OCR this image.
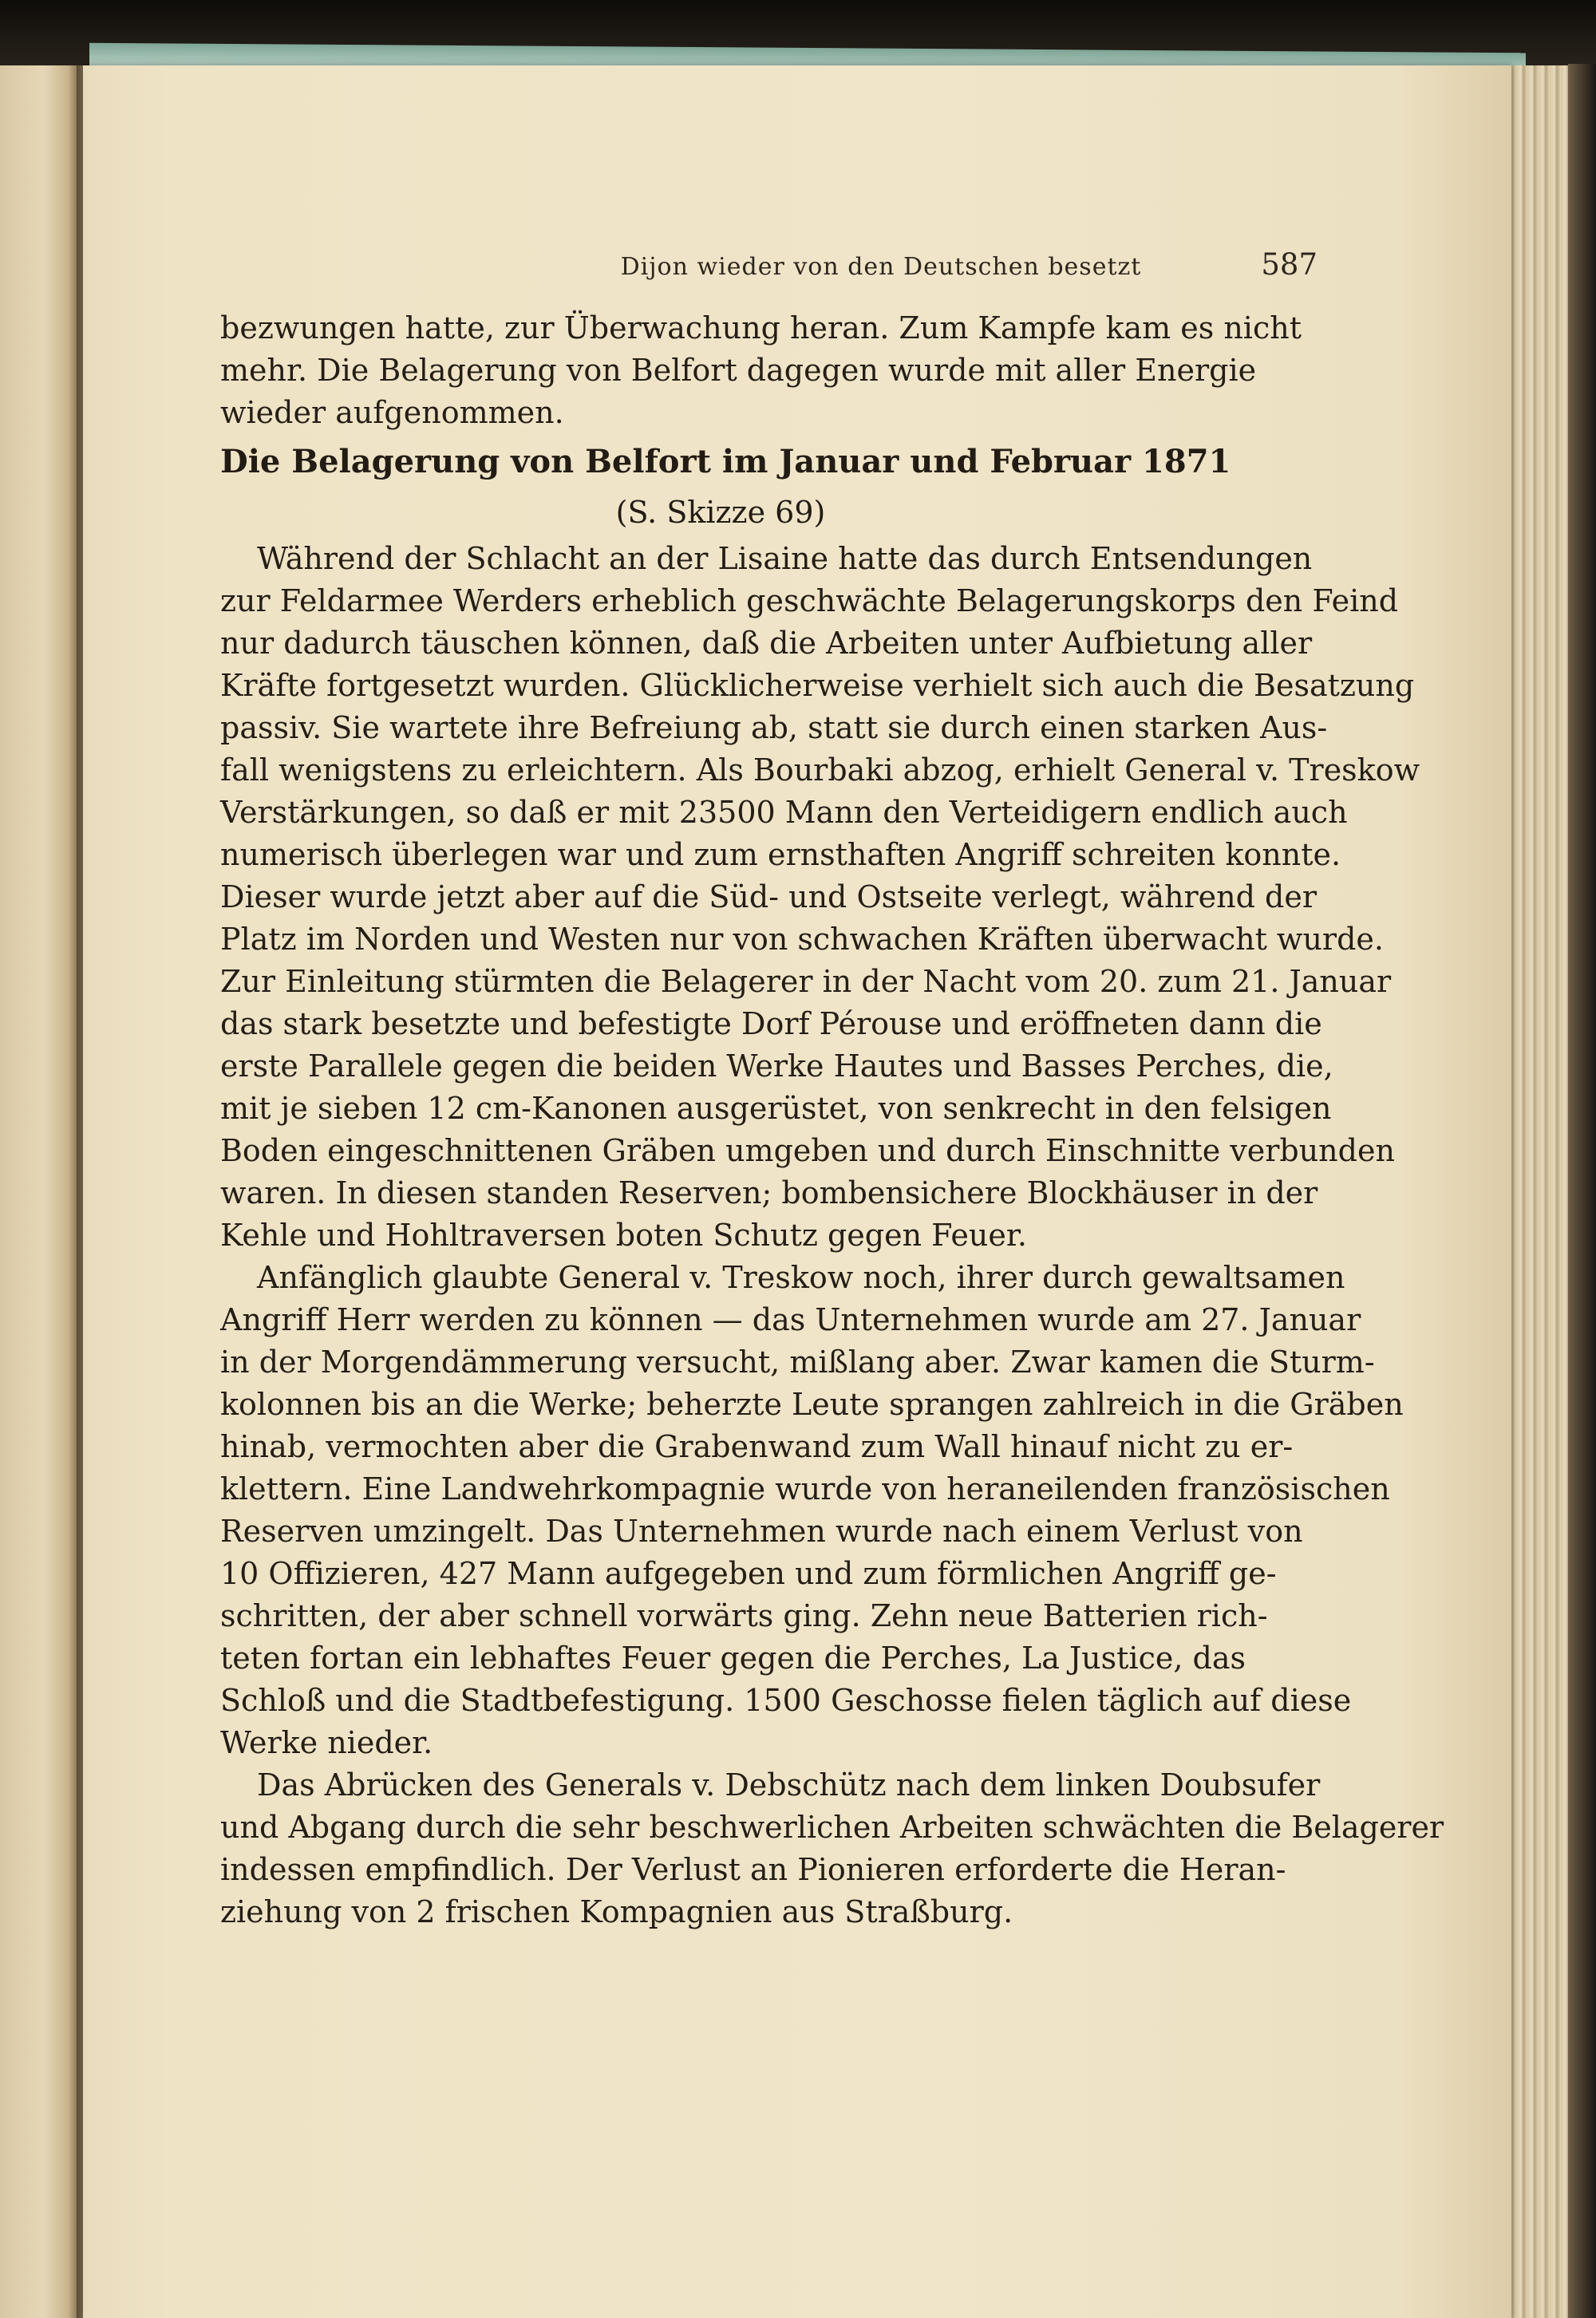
Dijon wieder von den Deutschen besetzt	587
bezwungen hatte, zur Überwachung heran. Zum Kampfe kam es nicht
mehr. Die Belagerung von Belfort dagegen wurde mit aller Energie
wieder aufgenommen.
Die Belagerung von Belfort im Januar und Februar 1871
(S. Skizze 69)
Während der Schlacht an der Lisaine hatte das durch Entsendungen
zur Feldarmee Werders erheblich geschwächte Belagerungskorps den Feind
nur dadurch täuschen können, daß die Arbeiten unter Aufbietung aller
Kräfte fortgesetzt wurden. Glücklicherweise verhielt sich auch die Besatzung
passiv. Sie wartete ihre Befreiung ab, statt sie durch einen starken Aus-
fall wenigstens zu erleichtern. Als Bourbaki abzog, erhielt General v. Treskow
Verstärkungen, so daß er mit 23500 Mann den Verteidigern endlich auch
numerisch überlegen war und zum ernsthaften Angriff schreiten konnte.
Dieser wurde jetzt aber auf die Süd- und Ostseite verlegt, während der
Platz im Norden und Westen nur von schwachen Kräften überwacht wurde.
Zur Einleitung stürmten die Belagerer in der Nacht vom 20. zum 21. Januar
das stark besetzte und befestigte Dorf Pérouse und eröffneten dann die
erste Parallele gegen die beiden Werke Hautes und Basses Perches, die,
mit je sieben 12 cm-Kanonen ausgerüstet, von senkrecht in den felsigen
Boden eingeschnittenen Gräben umgeben und durch Einschnitte verbunden
waren. In diesen standen Reserven; bombensichere Blockhäuser in der
Kehle und Hohltraversen boten Schutz gegen Feuer.
Anfänglich glaubte General v. Treskow noch, ihrer durch gewaltsamen
Angriff Herr werden zu können — das Unternehmen wurde am 27. Januar
in der Morgendämmerung versucht, mißlang aber. Zwar kamen die Sturm-
kolonnen bis an die Werke; beherzte Leute sprangen zahlreich in die Gräben
hinab, vermochten aber die Grabenwand zum Wall hinauf nicht zu er-
klettern. Eine Landwehrkompagnie wurde von heraneilenden französischen
Reserven umzingelt. Das Unternehmen wurde nach einem Verlust von
10 Offizieren, 427 Mann aufgegeben und zum förmlichen Angriff ge-
schritten, der aber schnell vorwärts ging. Zehn neue Batterien rich-
teten fortan ein lebhaftes Feuer gegen die Perches, La Justice, das
Schloß und die Stadtbefestigung. 1500 Geschosse fielen täglich auf diese
Werke nieder.
Das Abrücken des Generals v. Debschütz nach dem linken Doubsufer
und Abgang durch die sehr beschwerlichen Arbeiten schwächten die Belagerer
indessen empfindlich. Der Verlust an Pionieren erforderte die Heran-
ziehung von 2 frischen Kompagnien aus Straßburg.
